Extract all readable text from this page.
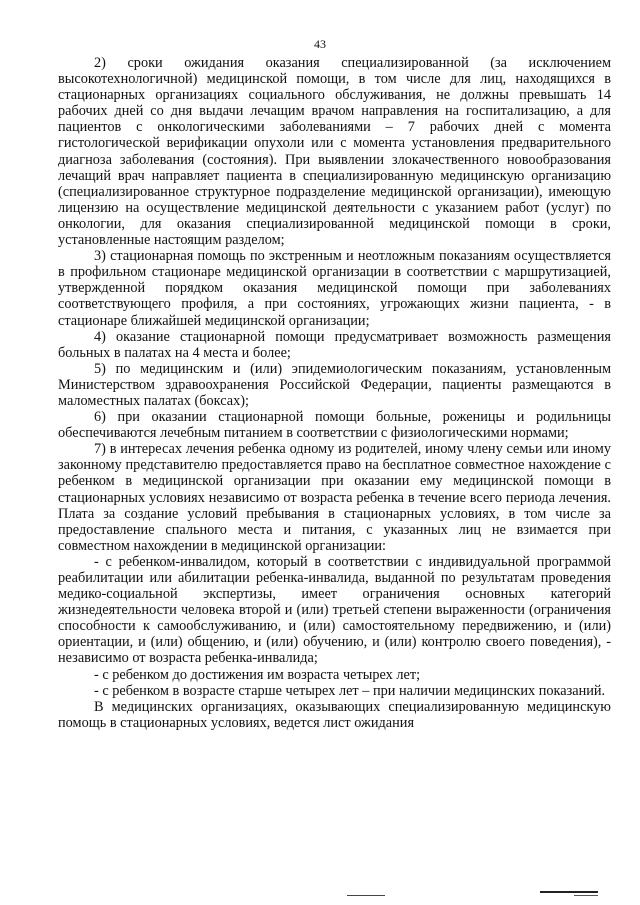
43

2) сроки ожидания оказания специализированной (за исключением высокотехнологичной) медицинской помощи, в том числе для лиц, находящихся в стационарных организациях социального обслуживания, не должны превышать 14 рабочих дней со дня выдачи лечащим врачом направления на госпитализацию, а для пациентов с онкологическими заболеваниями – 7 рабочих дней с момента гистологической верификации опухоли или с момента установления предварительного диагноза заболевания (состояния). При выявлении злокачественного новообразования лечащий врач направляет пациента в специализированную медицинскую организацию (специализированное структурное подразделение медицинской организации), имеющую лицензию на осуществление медицинской деятельности с указанием работ (услуг) по онкологии, для оказания специализированной медицинской помощи в сроки, установленные настоящим разделом;

3) стационарная помощь по экстренным и неотложным показаниям осуществляется в профильном стационаре медицинской организации в соответствии с маршрутизацией, утвержденной порядком оказания медицинской помощи при заболеваниях соответствующего профиля, а при состояниях, угрожающих жизни пациента, - в стационаре ближайшей медицинской организации;

4) оказание стационарной помощи предусматривает возможность размещения больных в палатах на 4 места и более;

5) по медицинским и (или) эпидемиологическим показаниям, установленным Министерством здравоохранения Российской Федерации, пациенты размещаются в маломестных палатах (боксах);

6) при оказании стационарной помощи больные, роженицы и родильницы обеспечиваются лечебным питанием в соответствии с физиологическими нормами;

7) в интересах лечения ребенка одному из родителей, иному члену семьи или иному законному представителю предоставляется право на бесплатное совместное нахождение с ребенком в медицинской организации при оказании ему медицинской помощи в стационарных условиях независимо от возраста ребенка в течение всего периода лечения. Плата за создание условий пребывания в стационарных условиях, в том числе за предоставление спального места и питания, с указанных лиц не взимается при совместном нахождении в медицинской организации:

- с ребенком-инвалидом, который в соответствии с индивидуальной программой реабилитации или абилитации ребенка-инвалида, выданной по результатам проведения медико-социальной экспертизы, имеет ограничения основных категорий жизнедеятельности человека второй и (или) третьей степени выраженности (ограничения способности к самообслуживанию, и (или) самостоятельному передвижению, и (или) ориентации, и (или) общению, и (или) обучению, и (или) контролю своего поведения), - независимо от возраста ребенка-инвалида;

- с ребенком до достижения им возраста четырех лет;

- с ребенком в возрасте старше четырех лет – при наличии медицинских показаний.

В медицинских организациях, оказывающих специализированную медицинскую помощь в стационарных условиях, ведется лист ожидания
